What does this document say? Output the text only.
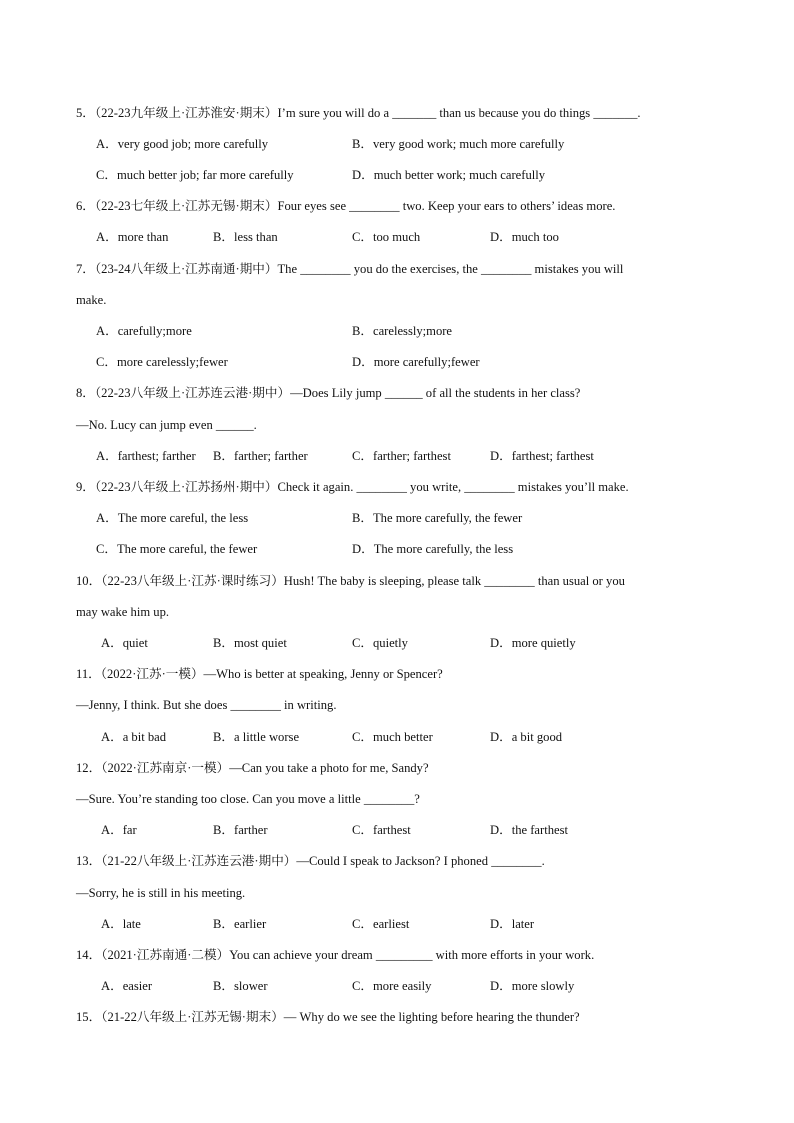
5．（22-23九年级上·江苏淮安·期末）I’m sure you will do a _______ than us because you do things _______.
A．very good job; more carefully	B．very good work; much more carefully
C．much better job; far more carefully	D．much better work; much carefully
6．（22-23七年级上·江苏无锡·期末）Four eyes see ________ two. Keep your ears to others’ ideas more.
A．more than	B．less than	C．too much	D．much too
7．（23-24八年级上·江苏南通·期中）The ________ you do the exercises, the ________ mistakes you will
make.
A．carefully;more	B．carelessly;more
C．more carelessly;fewer	D．more carefully;fewer
8．（22-23八年级上·江苏连云港·期中）—Does Lily jump ______ of all the students in her class?
—No. Lucy can jump even ______.
A．farthest; farther B．farther; farther	C．farther; farthest	D．farthest; farthest
9．（22-23八年级上·江苏扬州·期中）Check it again. ________ you write, ________ mistakes you’ll make.
A．The more careful, the less	B．The more carefully, the fewer
C．The more careful, the fewer	D．The more carefully, the less
10．（22-23八年级上·江苏·课时练习）Hush! The baby is sleeping, please talk ________ than usual or you
may wake him up.
A．quiet	B．most quiet	C．quietly	D．more quietly
11．（2022·江苏·一模）—Who is better at speaking, Jenny or Spencer?
—Jenny, I think. But she does ________ in writing.
A．a bit bad	B．a little worse	C．much better	D．a bit good
12．（2022·江苏南京·一模）—Can you take a photo for me, Sandy?
—Sure. You’re standing too close. Can you move a little ________?
A．far	B．farther	C．farthest	D．the farthest
13．（21-22八年级上·江苏连云港·期中）—Could I speak to Jackson? I phoned ________.
—Sorry, he is still in his meeting.
A．late	B．earlier	C．earliest	D．later
14．（2021·江苏南通·二模）You can achieve your dream _________ with more efforts in your work.
A．easier	B．slower	C．more easily	D．more slowly
15．（21-22八年级上·江苏无锡·期末）— Why do we see the lighting before hearing the thunder?
